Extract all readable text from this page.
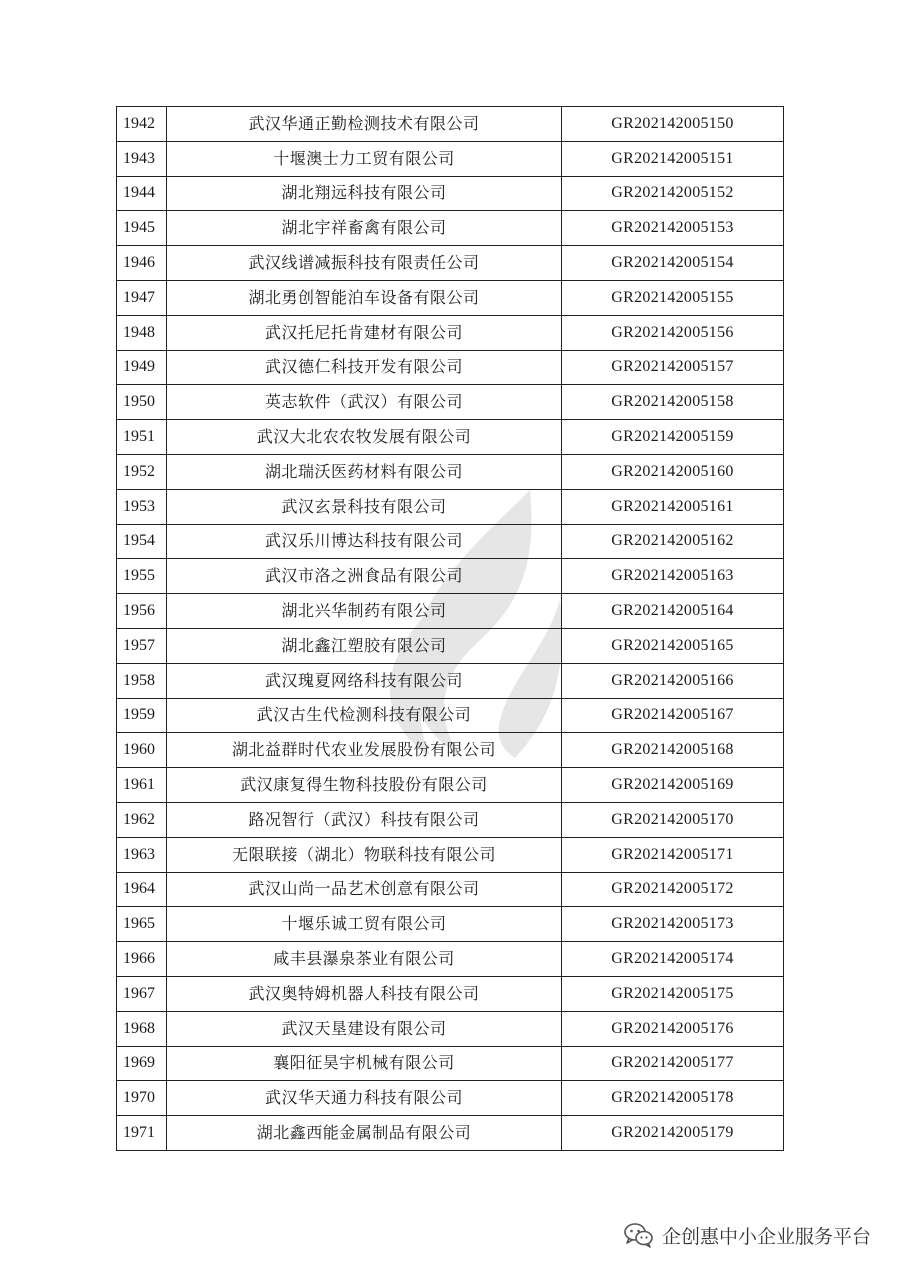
1942	武汉华通正勤检测技术有限公司	GR202142005150
1943	十堰澳士力工贸有限公司	GR202142005151
1944	湖北翔远科技有限公司	GR202142005152
1945	湖北宇祥畜禽有限公司	GR202142005153
1946	武汉线谱减振科技有限责任公司	GR202142005154
1947	湖北勇创智能泊车设备有限公司	GR202142005155
1948	武汉托尼托肯建材有限公司	GR202142005156
1949	武汉德仁科技开发有限公司	GR202142005157
1950	英志软件（武汉）有限公司	GR202142005158
1951	武汉大北农农牧发展有限公司	GR202142005159
1952	湖北瑞沃医药材料有限公司	GR202142005160
1953	武汉玄景科技有限公司	GR202142005161
1954	武汉乐川博达科技有限公司	GR202142005162
1955	武汉市洛之洲食品有限公司	GR202142005163
1956	湖北兴华制药有限公司	GR202142005164
1957	湖北鑫江塑胶有限公司	GR202142005165
1958	武汉瑰夏网络科技有限公司	GR202142005166
1959	武汉古生代检测科技有限公司	GR202142005167
1960	湖北益群时代农业发展股份有限公司	GR202142005168
1961	武汉康复得生物科技股份有限公司	GR202142005169
1962	路况智行（武汉）科技有限公司	GR202142005170
1963	无限联接（湖北）物联科技有限公司	GR202142005171
1964	武汉山尚一品艺术创意有限公司	GR202142005172
1965	十堰乐诚工贸有限公司	GR202142005173
1966	咸丰县瀑泉茶业有限公司	GR202142005174
1967	武汉奥特姆机器人科技有限公司	GR202142005175
1968	武汉天垦建设有限公司	GR202142005176
1969	襄阳征昊宇机械有限公司	GR202142005177
1970	武汉华天通力科技有限公司	GR202142005178
1971	湖北鑫西能金属制品有限公司	GR202142005179
企创惠中小企业服务平台
